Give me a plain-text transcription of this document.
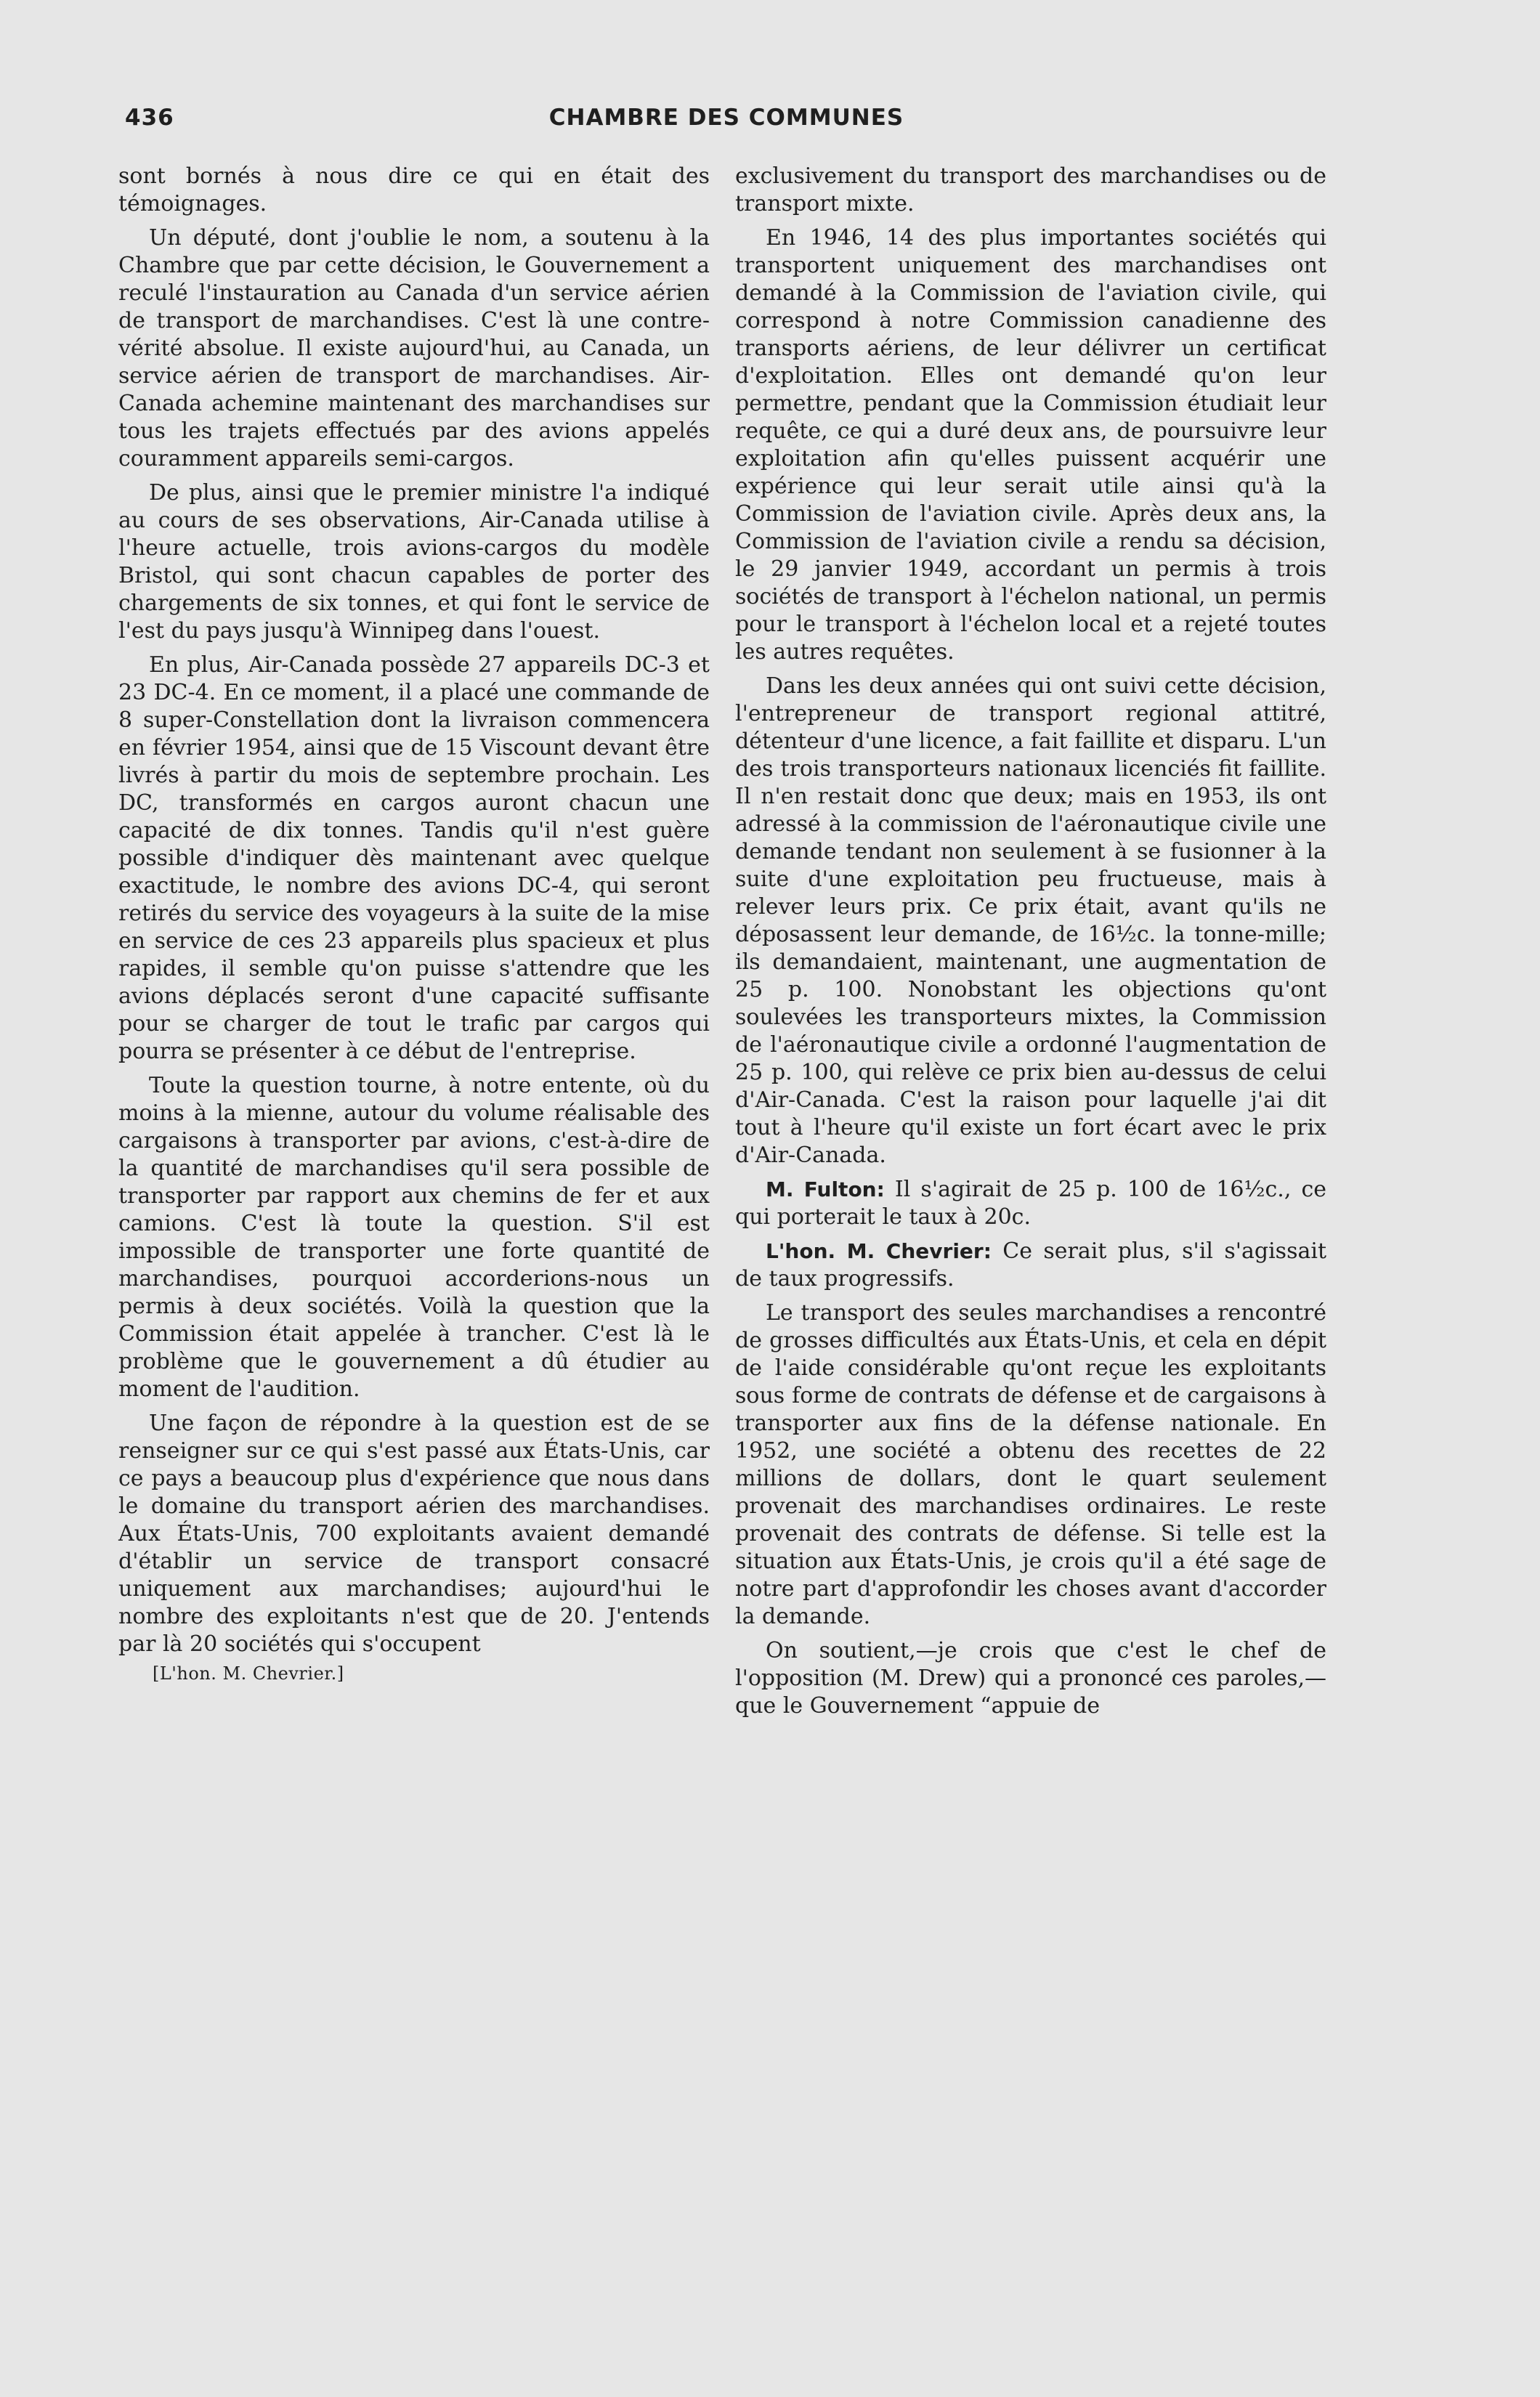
436	CHAMBRE DES COMMUNES

sont bornés à nous dire ce qui en était des témoignages.

Un député, dont j'oublie le nom, a soutenu à la Chambre que par cette décision, le Gouvernement a reculé l'instauration au Canada d'un service aérien de transport de marchandises. C'est là une contre-vérité absolue. Il existe aujourd'hui, au Canada, un service aérien de transport de marchandises. Air-Canada achemine maintenant des marchandises sur tous les trajets effectués par des avions appelés couramment appareils semi-cargos.

De plus, ainsi que le premier ministre l'a indiqué au cours de ses observations, Air-Canada utilise à l'heure actuelle, trois avions-cargos du modèle Bristol, qui sont chacun capables de porter des chargements de six tonnes, et qui font le service de l'est du pays jusqu'à Winnipeg dans l'ouest.

En plus, Air-Canada possède 27 appareils DC-3 et 23 DC-4. En ce moment, il a placé une commande de 8 super-Constellation dont la livraison commencera en février 1954, ainsi que de 15 Viscount devant être livrés à partir du mois de septembre prochain. Les DC, transformés en cargos auront chacun une capacité de dix tonnes. Tandis qu'il n'est guère possible d'indiquer dès maintenant avec quelque exactitude, le nombre des avions DC-4, qui seront retirés du service des voyageurs à la suite de la mise en service de ces 23 appareils plus spacieux et plus rapides, il semble qu'on puisse s'attendre que les avions déplacés seront d'une capacité suffisante pour se charger de tout le trafic par cargos qui pourra se présenter à ce début de l'entreprise.

Toute la question tourne, à notre entente, où du moins à la mienne, autour du volume réalisable des cargaisons à transporter par avions, c'est-à-dire de la quantité de marchandises qu'il sera possible de transporter par rapport aux chemins de fer et aux camions. C'est là toute la question. S'il est impossible de transporter une forte quantité de marchandises, pourquoi accorderions-nous un permis à deux sociétés. Voilà la question que la Commission était appelée à trancher. C'est là le problème que le gouvernement a dû étudier au moment de l'audition.

Une façon de répondre à la question est de se renseigner sur ce qui s'est passé aux États-Unis, car ce pays a beaucoup plus d'expérience que nous dans le domaine du transport aérien des marchandises. Aux États-Unis, 700 exploitants avaient demandé d'établir un service de transport consacré uniquement aux marchandises; aujourd'hui le nombre des exploitants n'est que de 20. J'entends par là 20 sociétés qui s'occupent

[L'hon. M. Chevrier.]

exclusivement du transport des marchandises ou de transport mixte.

En 1946, 14 des plus importantes sociétés qui transportent uniquement des marchandises ont demandé à la Commission de l'aviation civile, qui correspond à notre Commission canadienne des transports aériens, de leur délivrer un certificat d'exploitation. Elles ont demandé qu'on leur permettre, pendant que la Commission étudiait leur requête, ce qui a duré deux ans, de poursuivre leur exploitation afin qu'elles puissent acquérir une expérience qui leur serait utile ainsi qu'à la Commission de l'aviation civile. Après deux ans, la Commission de l'aviation civile a rendu sa décision, le 29 janvier 1949, accordant un permis à trois sociétés de transport à l'échelon national, un permis pour le transport à l'échelon local et a rejeté toutes les autres requêtes.

Dans les deux années qui ont suivi cette décision, l'entrepreneur de transport regional attitré, détenteur d'une licence, a fait faillite et disparu. L'un des trois transporteurs nationaux licenciés fit faillite. Il n'en restait donc que deux; mais en 1953, ils ont adressé à la commission de l'aéronautique civile une demande tendant non seulement à se fusionner à la suite d'une exploitation peu fructueuse, mais à relever leurs prix. Ce prix était, avant qu'ils ne déposassent leur demande, de 16½c. la tonne-mille; ils demandaient, maintenant, une augmentation de 25 p. 100. Nonobstant les objections qu'ont soulevées les transporteurs mixtes, la Commission de l'aéronautique civile a ordonné l'augmentation de 25 p. 100, qui relève ce prix bien au-dessus de celui d'Air-Canada. C'est la raison pour laquelle j'ai dit tout à l'heure qu'il existe un fort écart avec le prix d'Air-Canada.

M. Fulton: Il s'agirait de 25 p. 100 de 16½c., ce qui porterait le taux à 20c.

L'hon. M. Chevrier: Ce serait plus, s'il s'agissait de taux progressifs.

Le transport des seules marchandises a rencontré de grosses difficultés aux États-Unis, et cela en dépit de l'aide considérable qu'ont reçue les exploitants sous forme de contrats de défense et de cargaisons à transporter aux fins de la défense nationale. En 1952, une société a obtenu des recettes de 22 millions de dollars, dont le quart seulement provenait des marchandises ordinaires. Le reste provenait des contrats de défense. Si telle est la situation aux États-Unis, je crois qu'il a été sage de notre part d'approfondir les choses avant d'accorder la demande.

On soutient,—je crois que c'est le chef de l'opposition (M. Drew) qui a prononcé ces paroles,—que le Gouvernement “appuie de
